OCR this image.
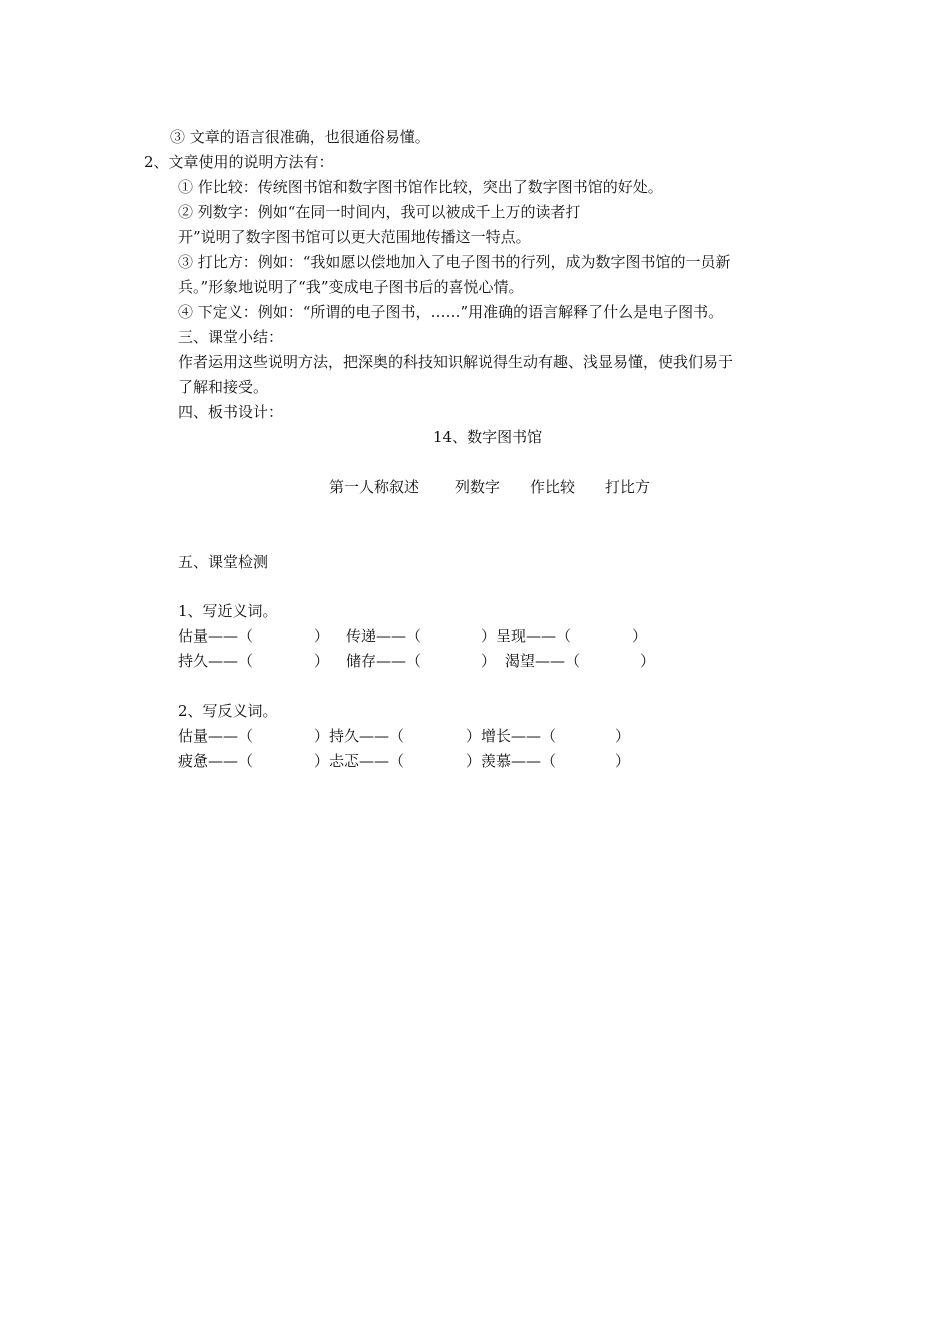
③ 文章的语言很准确，也很通俗易懂。
2、文章使用的说明方法有：
① 作比较：传统图书馆和数字图书馆作比较，突出了数字图书馆的好处。
② 列数字：例如“在同一时间内，我可以被成千上万的读者打
开”说明了数字图书馆可以更大范围地传播这一特点。
③ 打比方：例如：“我如愿以偿地加入了电子图书的行列，成为数字图书馆的一员新
兵。”形象地说明了“我”变成电子图书后的喜悦心情。
④ 下定义：例如：“所谓的电子图书，……”用准确的语言解释了什么是电子图书。
三、课堂小结：
作者运用这些说明方法，把深奥的科技知识解说得生动有趣、浅显易懂，使我们易于
了解和接受。
四、板书设计：
14、数字图书馆
第一人称叙述 列数字 作比较 打比方
五、课堂检测
1、写近义词。
估量——（	） 传递——（	）呈现——（	）
持久——（	） 储存——（	） 渴望——（	）
2、写反义词。
估量——（	）持久——（	）增长——（	）
疲惫——（	）忐忑——（	）羡慕——（	）
